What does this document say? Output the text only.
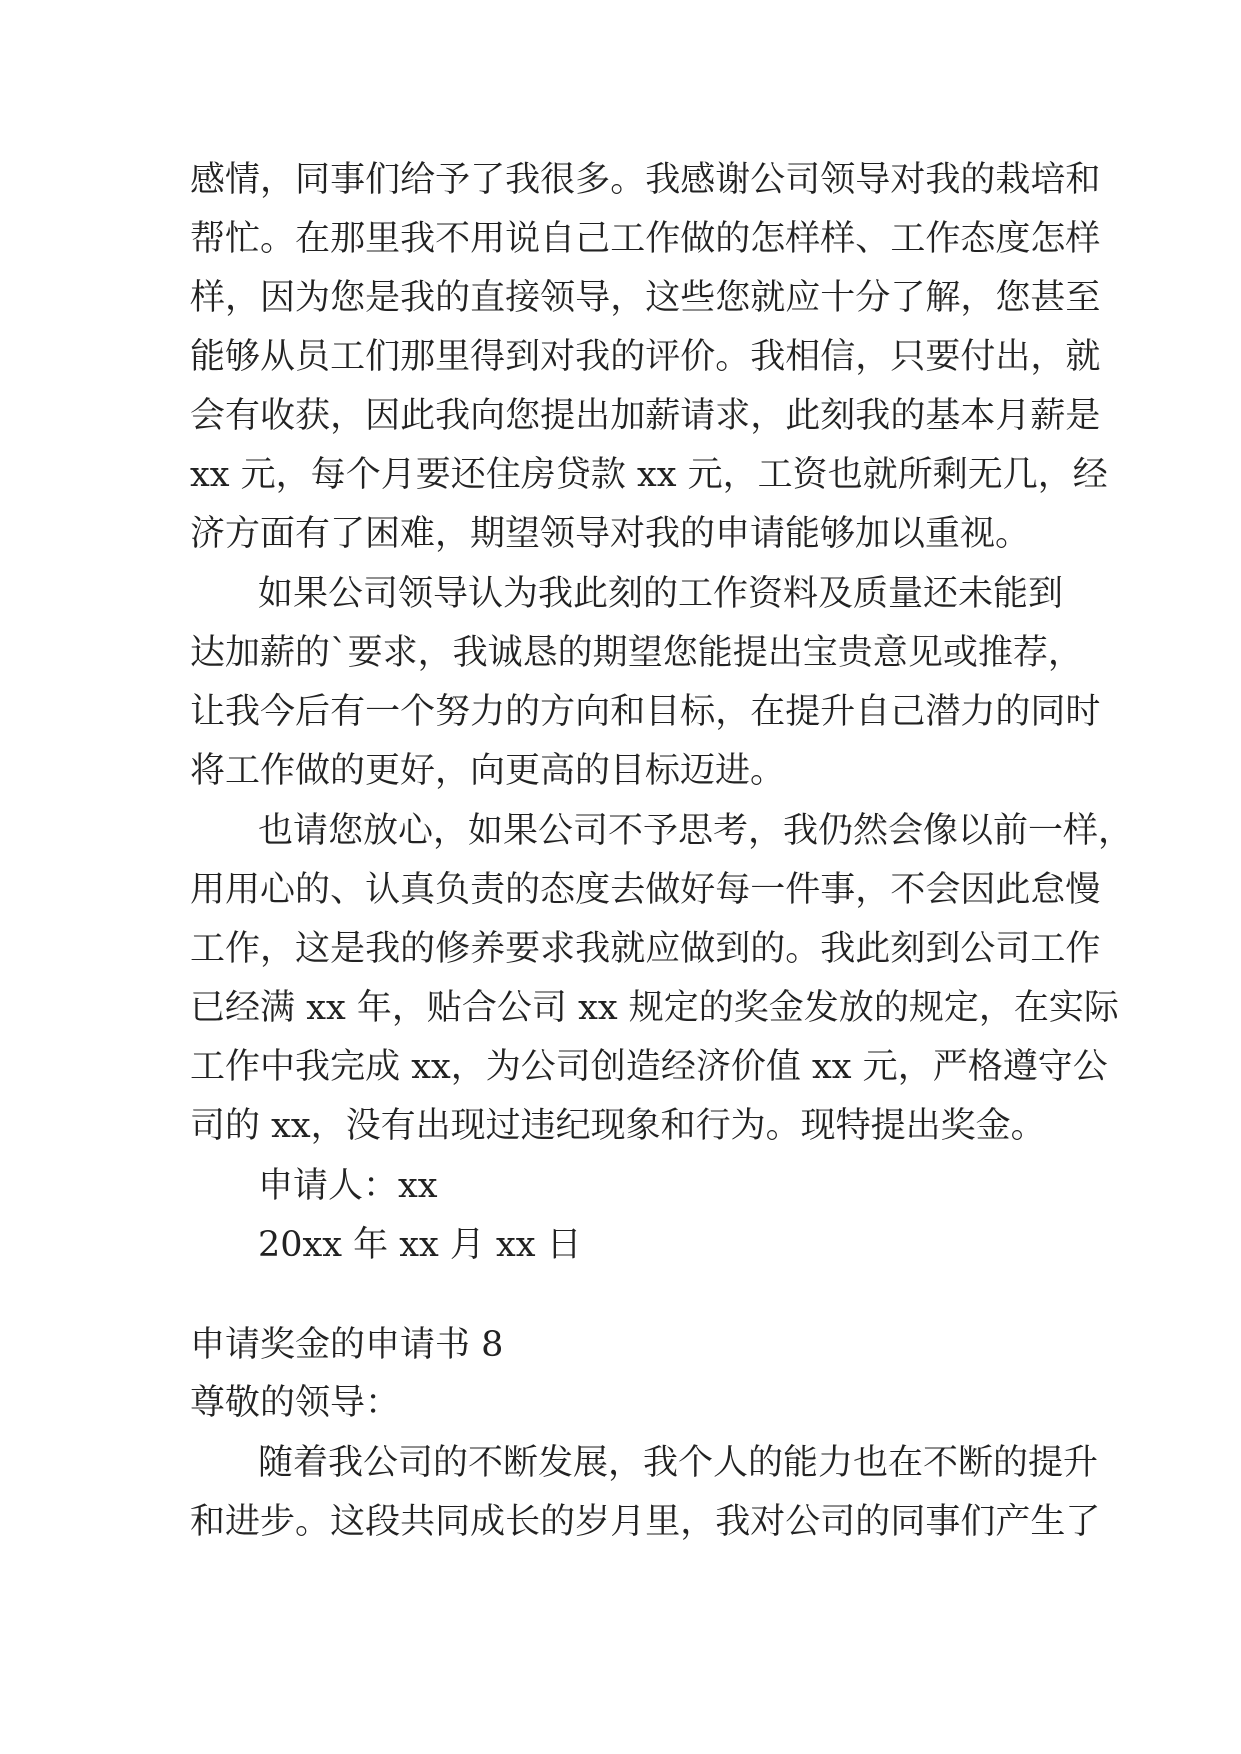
感 情 ， 同 事 们 给 予 了 我 很 多 。 我 感 谢 公 司 领 导 对 我 的 栽 培 和
帮 忙 。 在 那 里 我 不 用 说 自 己 工 作 做 的 怎 样 样 、 工 作 态 度 怎 样
样 ， 因 为 您 是 我 的 直 接 领 导 ， 这 些 您 就 应 十 分 了 解 ， 您 甚 至
能 够 从 员 工 们 那 里 得 到 对 我 的 评 价 。 我 相 信 ， 只 要 付 出 ， 就
会 有 收 获 ， 因 此 我 向 您 提 出 加 薪 请 求 ， 此 刻 我 的 基 本 月 薪 是
x x
元 ， 每 个 月 要 还 住 房 贷 款
x x
元 ， 工 资 也 就 所 剩 无 几 ， 经
济方面有了困难，期望领导对我的申请能够加以重视。
如果公司领导认为我此刻的工作资料及质量还未能到
达 加 薪 的 ` 要 求 ， 我 诚 恳 的 期 望 您 能 提 出 宝 贵 意 见 或 推 荐 ，
让 我 今 后 有 一 个 努 力 的 方 向 和 目 标 ， 在 提 升 自 己 潜 力 的 同 时
将工作做的更好，向更高的目标迈进。
也请您放心，如果公司不予思考，我仍然会像以前一样，
用 用 心 的 、 认 真 负 责 的 态 度 去 做 好 每 一 件 事 ， 不 会 因 此 怠 慢
工 作 ， 这 是 我 的 修 养 要 求 我 就 应 做 到 的 。 我 此 刻 到 公 司 工 作
已 经 满
x x
年 ， 贴 合 公 司
x x
规 定 的 奖 金 发 放 的 规 定 ， 在 实 际
工 作 中 我 完 成
x x ， 为 公 司 创 造 经 济 价 值
x x
元 ， 严 格 遵 守 公
司的 xx，没有出现过违纪现象和行为。现特提出奖金。
申请人：xx
20xx 年 xx 月 xx 日
申请奖金的申请书 8
尊敬的领导：
随着我公司的不断发展，我个人的能力也在不断的提升
和 进 步 。 这 段 共 同 成 长 的 岁 月 里 ， 我 对 公 司 的 同 事 们 产 生 了
